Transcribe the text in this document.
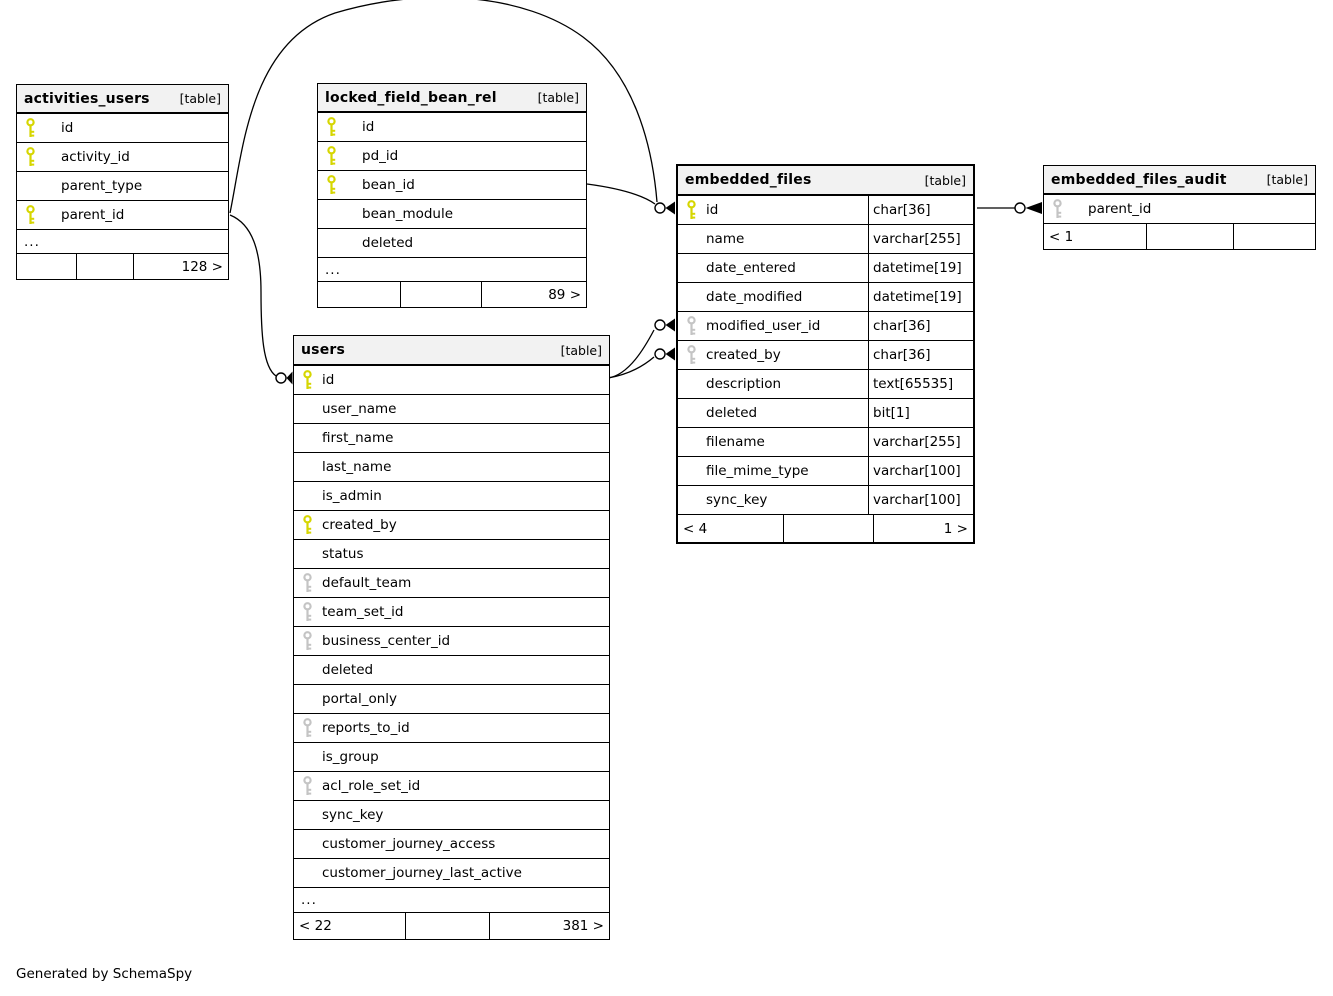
activities_users [table]
id
activity_id
parent_type
parent_id
...
128 >
locked_field_bean_rel	[table]
id
pd_id
bean_id
bean_module
deleted
...
89 >
users	[table]
id
user_name
first_name
last_name
is_admin
created_by
status
default_team
team_set_id
business_center_id
deleted
portal_only
reports_to_id
is_group
acl_role_set_id
sync_key
customer_journey_access
customer_journey_last_active
...
< 22	381 >
embedded_files	[table]
id	char[36]
name	varchar[255]
date_entered	datetime[19]
date_modified	datetime[19]
modified_user_id	char[36]
created_by	char[36]
description	text[65535]
deleted	bit[1]
filename	varchar[255]
file_mime_type	varchar[100]
sync_key	varchar[100]
< 4	1 >
embedded_files_audit	[table]
parent_id
< 1
Generated by SchemaSpy
